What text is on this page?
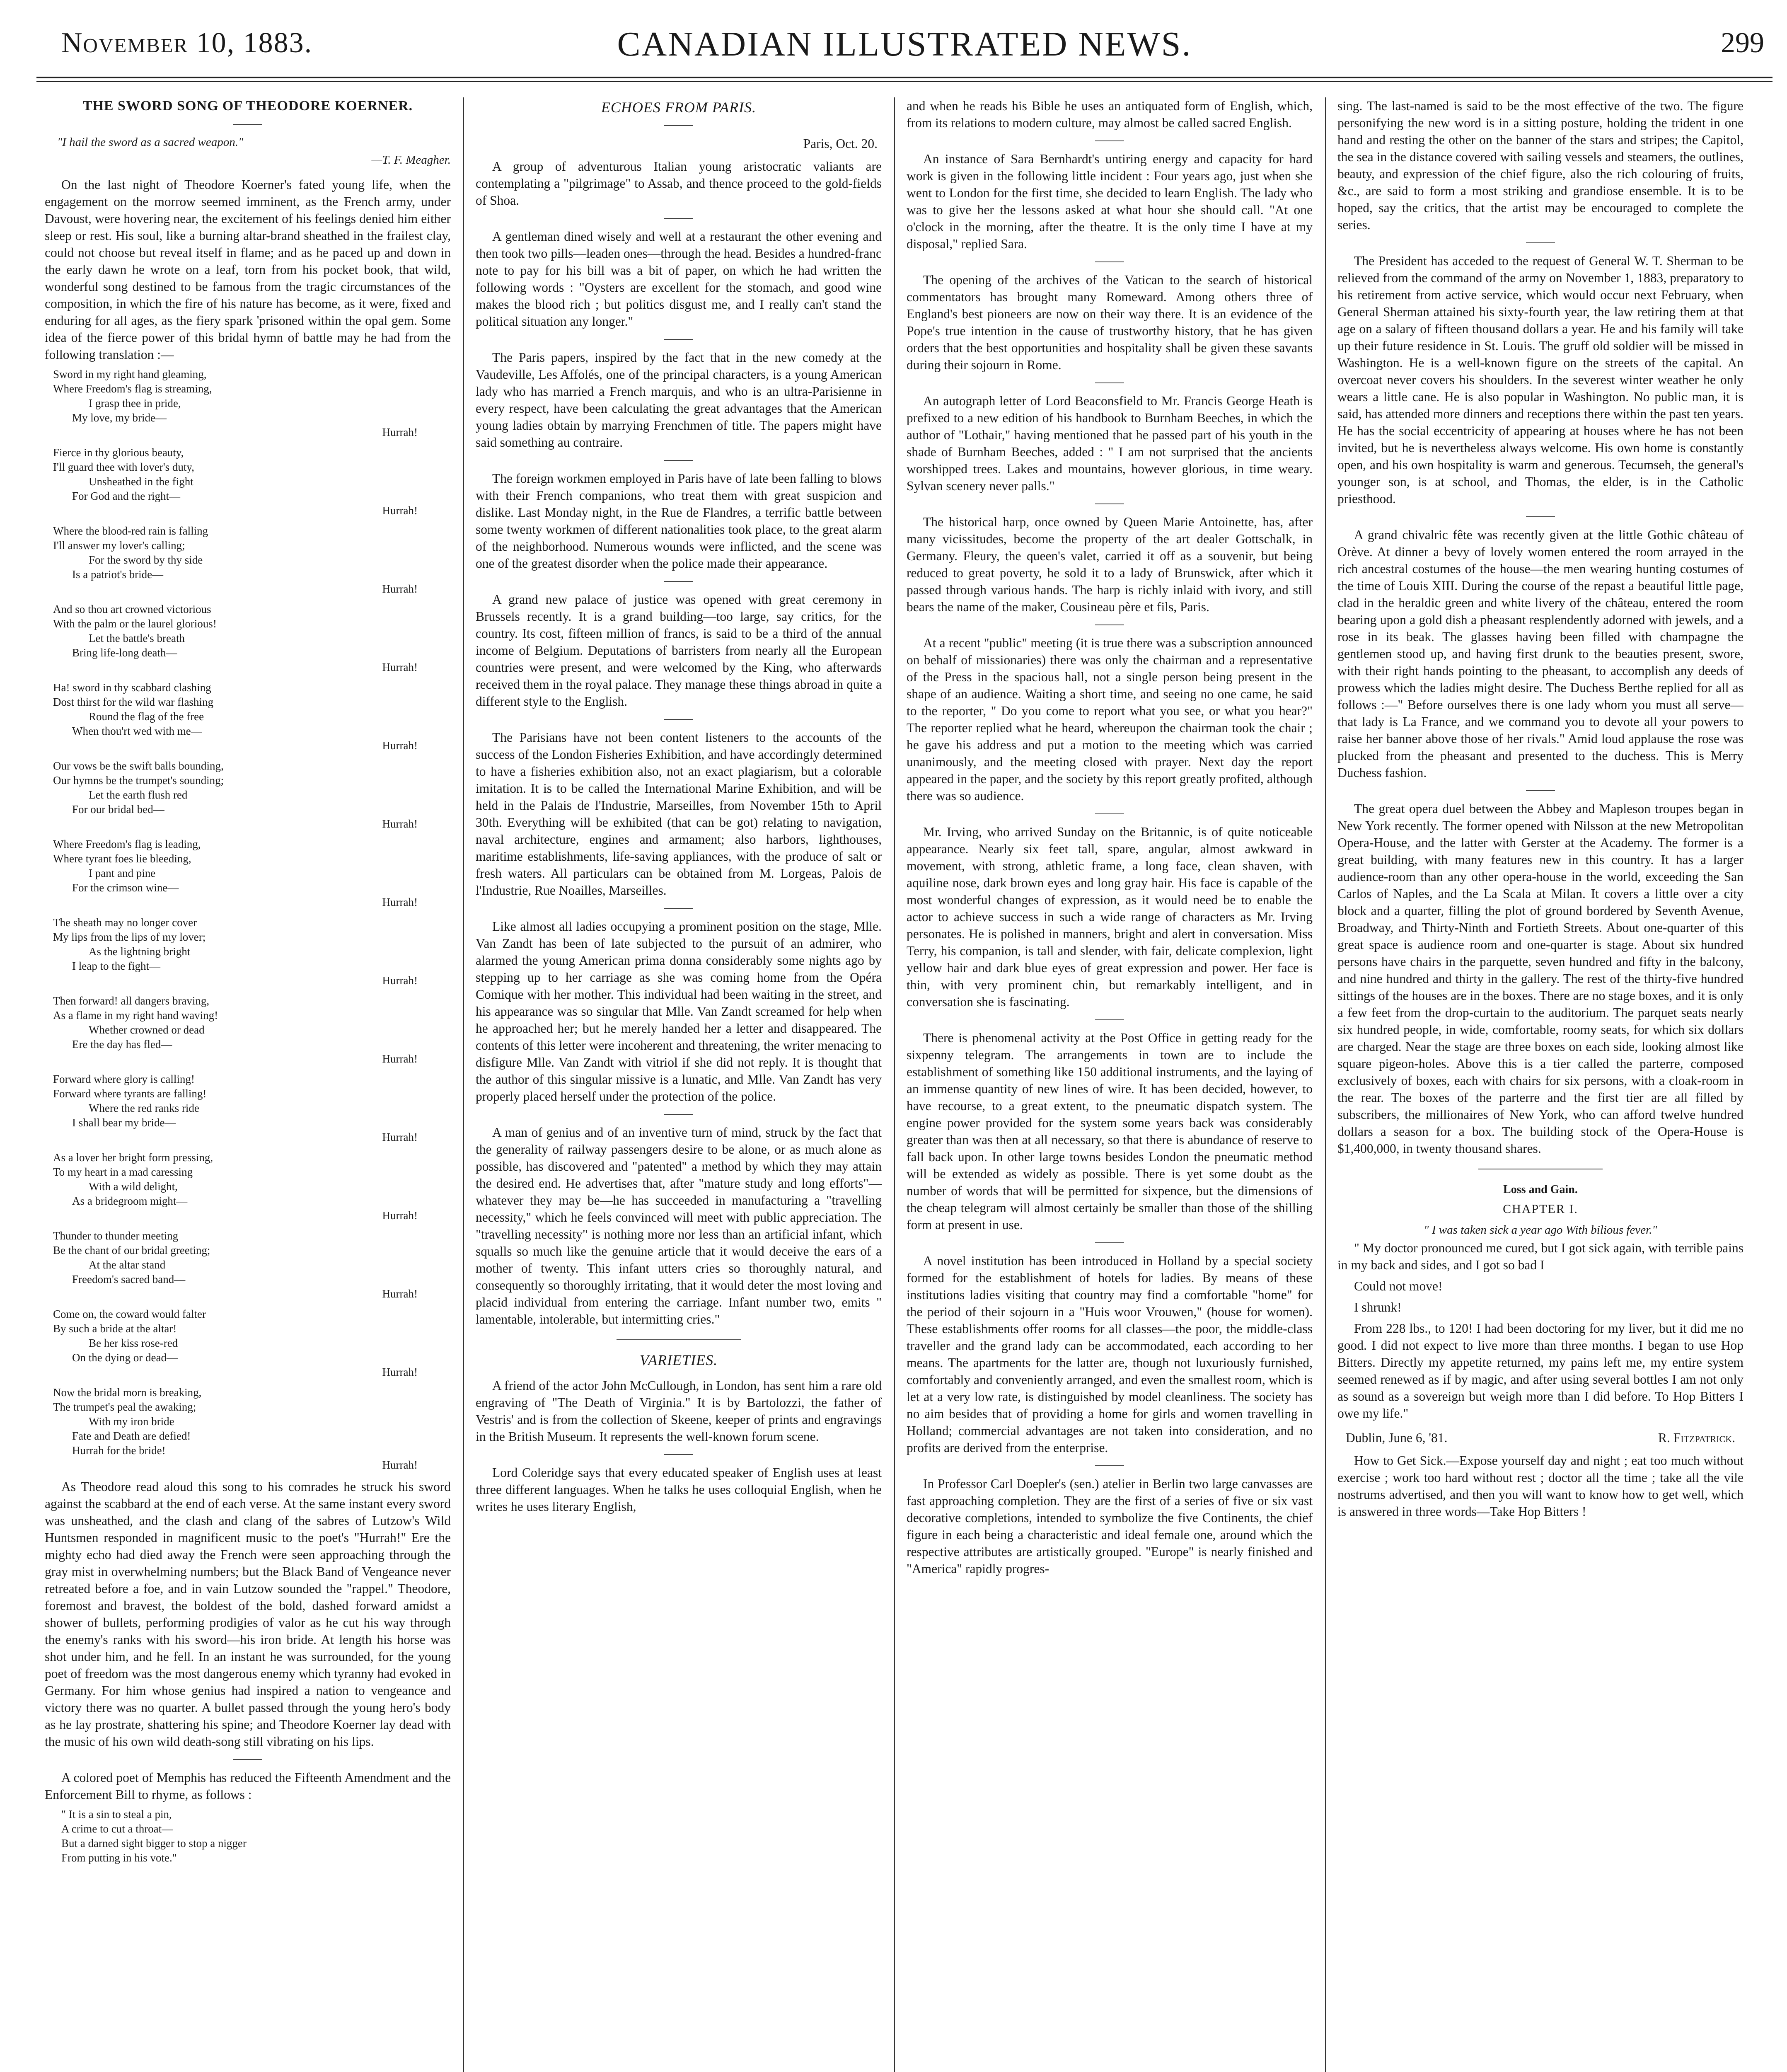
November 10, 1883.	CANADIAN ILLUSTRATED NEWS.	299
THE SWORD SONG OF THEODORE KOERNER.
"I hail the sword as a sacred weapon."
—T. F. Meagher.

On the last night of Theodore Koerner's fated young life, when the engagement on the morrow seemed imminent, as the French army, under Davoust, were hovering near, the excitement of his feelings denied him either sleep or rest. His soul, like a burning altar-brand sheathed in the frailest clay, could not choose but reveal itself in flame; and as he paced up and down in the early dawn he wrote on a leaf, torn from his pocket book, that wild, wonderful song destined to be famous from the tragic circumstances of the composition, in which the fire of his nature has become, as it were, fixed and enduring for all ages, as the fiery spark 'prisoned within the opal gem. Some idea of the fierce power of this bridal hymn of battle may he had from the following translation :—

Sword in my right hand gleaming,
Where Freedom's flag is streaming,
I grasp thee in pride,
My love, my bride—
Hurrah!
Fierce in thy glorious beauty,
I'll guard thee with lover's duty,
Unsheathed in the fight
For God and the right—
Hurrah!
Where the blood-red rain is falling
I'll answer my lover's calling;
For the sword by thy side
Is a patriot's bride—
Hurrah!
And so thou art crowned victorious
With the palm or the laurel glorious!
Let the battle's breath
Bring life-long death—
Hurrah!
Ha! sword in thy scabbard clashing
Dost thirst for the wild war flashing
Round the flag of the free
When thou'rt wed with me—
Hurrah!
Our vows be the swift balls bounding,
Our hymns be the trumpet's sounding;
Let the earth flush red
For our bridal bed—
Hurrah!
Where Freedom's flag is leading,
Where tyrant foes lie bleeding,
I pant and pine
For the crimson wine—
Hurrah!
The sheath may no longer cover
My lips from the lips of my lover;
As the lightning bright
I leap to the fight—
Hurrah!
Then forward! all dangers braving,
As a flame in my right hand waving!
Whether crowned or dead
Ere the day has fled—
Hurrah!
Forward where glory is calling!
Forward where tyrants are falling!
Where the red ranks ride
I shall bear my bride—
Hurrah!
As a lover her bright form pressing,
To my heart in a mad caressing
With a wild delight,
As a bridegroom might—
Hurrah!
Thunder to thunder meeting
Be the chant of our bridal greeting;
At the altar stand
Freedom's sacred band—
Hurrah!
Come on, the coward would falter
By such a bride at the altar!
Be her kiss rose-red
On the dying or dead—
Hurrah!
Now the bridal morn is breaking,
The trumpet's peal the awaking;
With my iron bride
Fate and Death are defied!
Hurrah for the bride!
Hurrah!

As Theodore read aloud this song to his comrades he struck his sword against the scabbard at the end of each verse. At the same instant every sword was unsheathed, and the clash and clang of the sabres of Lutzow's Wild Huntsmen responded in magnificent music to the poet's "Hurrah!" Ere the mighty echo had died away the French were seen approaching through the gray mist in overwhelming numbers; but the Black Band of Vengeance never retreated before a foe, and in vain Lutzow sounded the "rappel." Theodore, foremost and bravest, the boldest of the bold, dashed forward amidst a shower of bullets, performing prodigies of valor as he cut his way through the enemy's ranks with his sword—his iron bride. At length his horse was shot under him, and he fell. In an instant he was surrounded, for the young poet of freedom was the most dangerous enemy which tyranny had evoked in Germany. For him whose genius had inspired a nation to vengeance and victory there was no quarter. A bullet passed through the young hero's body as he lay prostrate, shattering his spine; and Theodore Koerner lay dead with the music of his own wild death-song still vibrating on his lips.

A colored poet of Memphis has reduced the Fifteenth Amendment and the Enforcement Bill to rhyme, as follows :

" It is a sin to steal a pin,
A crime to cut a throat—
But a darned sight bigger to stop a nigger
From putting in his vote."
ECHOES FROM PARIS.
Paris, Oct. 20.

A group of adventurous Italian young aristocratic valiants are contemplating a "pilgrimage" to Assab, and thence proceed to the gold-fields of Shoa.

A gentleman dined wisely and well at a restaurant the other evening and then took two pills—leaden ones—through the head. Besides a hundred-franc note to pay for his bill was a bit of paper, on which he had written the following words : "Oysters are excellent for the stomach, and good wine makes the blood rich ; but politics disgust me, and I really can't stand the political situation any longer."

The Paris papers, inspired by the fact that in the new comedy at the Vaudeville, Les Affolés, one of the principal characters, is a young American lady who has married a French marquis, and who is an ultra-Parisienne in every respect, have been calculating the great advantages that the American young ladies obtain by marrying Frenchmen of title. The papers might have said something au contraire.

The foreign workmen employed in Paris have of late been falling to blows with their French companions, who treat them with great suspicion and dislike. Last Monday night, in the Rue de Flandres, a terrific battle between some twenty workmen of different nationalities took place, to the great alarm of the neighborhood. Numerous wounds were inflicted, and the scene was one of the greatest disorder when the police made their appearance.

A grand new palace of justice was opened with great ceremony in Brussels recently. It is a grand building—too large, say critics, for the country. Its cost, fifteen million of francs, is said to be a third of the annual income of Belgium. Deputations of barristers from nearly all the European countries were present, and were welcomed by the King, who afterwards received them in the royal palace. They manage these things abroad in quite a different style to the English.

The Parisians have not been content listeners to the accounts of the success of the London Fisheries Exhibition, and have accordingly determined to have a fisheries exhibition also, not an exact plagiarism, but a colorable imitation. It is to be called the International Marine Exhibition, and will be held in the Palais de l'Industrie, Marseilles, from November 15th to April 30th. Everything will be exhibited (that can be got) relating to navigation, naval architecture, engines and armament; also harbors, lighthouses, maritime establishments, life-saving appliances, with the produce of salt or fresh waters. All particulars can be obtained from M. Lorgeas, Palois de l'Industrie, Rue Noailles, Marseilles.

Like almost all ladies occupying a prominent position on the stage, Mlle. Van Zandt has been of late subjected to the pursuit of an admirer, who alarmed the young American prima donna considerably some nights ago by stepping up to her carriage as she was coming home from the Opéra Comique with her mother. This individual had been waiting in the street, and his appearance was so singular that Mlle. Van Zandt screamed for help when he approached her; but he merely handed her a letter and disappeared. The contents of this letter were incoherent and threatening, the writer menacing to disfigure Mlle. Van Zandt with vitriol if she did not reply. It is thought that the author of this singular missive is a lunatic, and Mlle. Van Zandt has very properly placed herself under the protection of the police.

A man of genius and of an inventive turn of mind, struck by the fact that the generality of railway passengers desire to be alone, or as much alone as possible, has discovered and "patented" a method by which they may attain the desired end. He advertises that, after "mature study and long efforts"—whatever they may be—he has succeeded in manufacturing a "travelling necessity," which he feels convinced will meet with public appreciation. The "travelling necessity" is nothing more nor less than an artificial infant, which squalls so much like the genuine article that it would deceive the ears of a mother of twenty. This infant utters cries so thoroughly natural, and consequently so thoroughly irritating, that it would deter the most loving and placid individual from entering the carriage. Infant number two, emits " lamentable, intolerable, but intermitting cries."

VARIETIES.

A friend of the actor John McCullough, in London, has sent him a rare old engraving of "The Death of Virginia." It is by Bartolozzi, the father of Vestris' and is from the collection of Skeene, keeper of prints and engravings in the British Museum. It represents the well-known forum scene.

Lord Coleridge says that every educated speaker of English uses at least three different languages. When he talks he uses colloquial English, when he writes he uses literary English,

and when he reads his Bible he uses an antiquated form of English, which, from its relations to modern culture, may almost be called sacred English.

An instance of Sara Bernhardt's untiring energy and capacity for hard work is given in the following little incident : Four years ago, just when she went to London for the first time, she decided to learn English. The lady who was to give her the lessons asked at what hour she should call. "At one o'clock in the morning, after the theatre. It is the only time I have at my disposal," replied Sara.

The opening of the archives of the Vatican to the search of historical commentators has brought many Romeward. Among others three of England's best pioneers are now on their way there. It is an evidence of the Pope's true intention in the cause of trustworthy history, that he has given orders that the best opportunities and hospitality shall be given these savants during their sojourn in Rome.

An autograph letter of Lord Beaconsfield to Mr. Francis George Heath is prefixed to a new edition of his handbook to Burnham Beeches, in which the author of "Lothair," having mentioned that he passed part of his youth in the shade of Burnham Beeches, added : " I am not surprised that the ancients worshipped trees. Lakes and mountains, however glorious, in time weary. Sylvan scenery never palls."

The historical harp, once owned by Queen Marie Antoinette, has, after many vicissitudes, become the property of the art dealer Gottschalk, in Germany. Fleury, the queen's valet, carried it off as a souvenir, but being reduced to great poverty, he sold it to a lady of Brunswick, after which it passed through various hands. The harp is richly inlaid with ivory, and still bears the name of the maker, Cousineau père et fils, Paris.

At a recent "public" meeting (it is true there was a subscription announced on behalf of missionaries) there was only the chairman and a representative of the Press in the spacious hall, not a single person being present in the shape of an audience. Waiting a short time, and seeing no one came, he said to the reporter, " Do you come to report what you see, or what you hear?" The reporter replied what he heard, whereupon the chairman took the chair ; he gave his address and put a motion to the meeting which was carried unanimously, and the meeting closed with prayer. Next day the report appeared in the paper, and the society by this report greatly profited, although there was so audience.

Mr. Irving, who arrived Sunday on the Britannic, is of quite noticeable appearance. Nearly six feet tall, spare, angular, almost awkward in movement, with strong, athletic frame, a long face, clean shaven, with aquiline nose, dark brown eyes and long gray hair. His face is capable of the most wonderful changes of expression, as it would need be to enable the actor to achieve success in such a wide range of characters as Mr. Irving personates. He is polished in manners, bright and alert in conversation. Miss Terry, his companion, is tall and slender, with fair, delicate complexion, light yellow hair and dark blue eyes of great expression and power. Her face is thin, with very prominent chin, but remarkably intelligent, and in conversation she is fascinating.

There is phenomenal activity at the Post Office in getting ready for the sixpenny telegram. The arrangements in town are to include the establishment of something like 150 additional instruments, and the laying of an immense quantity of new lines of wire. It has been decided, however, to have recourse, to a great extent, to the pneumatic dispatch system. The engine power provided for the system some years back was considerably greater than was then at all necessary, so that there is abundance of reserve to fall back upon. In other large towns besides London the pneumatic method will be extended as widely as possible. There is yet some doubt as the number of words that will be permitted for sixpence, but the dimensions of the cheap telegram will almost certainly be smaller than those of the shilling form at present in use.

A novel institution has been introduced in Holland by a special society formed for the establishment of hotels for ladies. By means of these institutions ladies visiting that country may find a comfortable "home" for the period of their sojourn in a "Huis woor Vrouwen," (house for women). These establishments offer rooms for all classes—the poor, the middle-class traveller and the grand lady can be accommodated, each according to her means. The apartments for the latter are, though not luxuriously furnished, comfortably and conveniently arranged, and even the smallest room, which is let at a very low rate, is distinguished by model cleanliness. The society has no aim besides that of providing a home for girls and women travelling in Holland; commercial advantages are not taken into consideration, and no profits are derived from the enterprise.

In Professor Carl Doepler's (sen.) atelier in Berlin two large canvasses are fast approaching completion. They are the first of a series of five or six vast decorative completions, intended to symbolize the five Continents, the chief figure in each being a characteristic and ideal female one, around which the respective attributes are artistically grouped. "Europe" is nearly finished and "America" rapidly progres-

sing. The last-named is said to be the most effective of the two. The figure personifying the new word is in a sitting posture, holding the trident in one hand and resting the other on the banner of the stars and stripes; the Capitol, the sea in the distance covered with sailing vessels and steamers, the outlines, beauty, and expression of the chief figure, also the rich colouring of fruits, &c., are said to form a most striking and grandiose ensemble. It is to be hoped, say the critics, that the artist may be encouraged to complete the series.

The President has acceded to the request of General W. T. Sherman to be relieved from the command of the army on November 1, 1883, preparatory to his retirement from active service, which would occur next February, when General Sherman attained his sixty-fourth year, the law retiring them at that age on a salary of fifteen thousand dollars a year. He and his family will take up their future residence in St. Louis. The gruff old soldier will be missed in Washington. He is a well-known figure on the streets of the capital. An overcoat never covers his shoulders. In the severest winter weather he only wears a little cane. He is also popular in Washington. No public man, it is said, has attended more dinners and receptions there within the past ten years. He has the social eccentricity of appearing at houses where he has not been invited, but he is nevertheless always welcome. His own home is constantly open, and his own hospitality is warm and generous. Tecumseh, the general's younger son, is at school, and Thomas, the elder, is in the Catholic priesthood.

A grand chivalric fête was recently given at the little Gothic château of Orève. At dinner a bevy of lovely women entered the room arrayed in the rich ancestral costumes of the house—the men wearing hunting costumes of the time of Louis XIII. During the course of the repast a beautiful little page, clad in the heraldic green and white livery of the château, entered the room bearing upon a gold dish a pheasant resplendently adorned with jewels, and a rose in its beak. The glasses having been filled with champagne the gentlemen stood up, and having first drunk to the beauties present, swore, with their right hands pointing to the pheasant, to accomplish any deeds of prowess which the ladies might desire. The Duchess Berthe replied for all as follows :—" Before ourselves there is one lady whom you must all serve—that lady is La France, and we command you to devote all your powers to raise her banner above those of her rivals." Amid loud applause the rose was plucked from the pheasant and presented to the duchess. This is Merry Duchess fashion.

The great opera duel between the Abbey and Mapleson troupes began in New York recently. The former opened with Nilsson at the new Metropolitan Opera-House, and the latter with Gerster at the Academy. The former is a great building, with many features new in this country. It has a larger audience-room than any other opera-house in the world, exceeding the San Carlos of Naples, and the La Scala at Milan. It covers a little over a city block and a quarter, filling the plot of ground bordered by Seventh Avenue, Broadway, and Thirty-Ninth and Fortieth Streets. About one-quarter of this great space is audience room and one-quarter is stage. About six hundred persons have chairs in the parquette, seven hundred and fifty in the balcony, and nine hundred and thirty in the gallery. The rest of the thirty-five hundred sittings of the houses are in the boxes. There are no stage boxes, and it is only a few feet from the drop-curtain to the auditorium. The parquet seats nearly six hundred people, in wide, comfortable, roomy seats, for which six dollars are charged. Near the stage are three boxes on each side, looking almost like square pigeon-holes. Above this is a tier called the parterre, composed exclusively of boxes, each with chairs for six persons, with a cloak-room in the rear. The boxes of the parterre and the first tier are all filled by subscribers, the millionaires of New York, who can afford twelve hundred dollars a season for a box. The building stock of the Opera-House is $1,400,000, in twenty thousand shares.

Loss and Gain.
CHAPTER I.
" I was taken sick a year ago With bilious fever."

" My doctor pronounced me cured, but I got sick again, with terrible pains in my back and sides, and I got so bad I

Could not move!

I shrunk!

From 228 lbs., to 120! I had been doctoring for my liver, but it did me no good. I did not expect to live more than three months. I began to use Hop Bitters. Directly my appetite returned, my pains left me, my entire system seemed renewed as if by magic, and after using several bottles I am not only as sound as a sovereign but weigh more than I did before. To Hop Bitters I owe my life."

Dublin, June 6, '81.	R. Fitzpatrick.

How to Get Sick.—Expose yourself day and night ; eat too much without exercise ; work too hard without rest ; doctor all the time ; take all the vile nostrums advertised, and then you will want to know how to get well, which is answered in three words—Take Hop Bitters !
